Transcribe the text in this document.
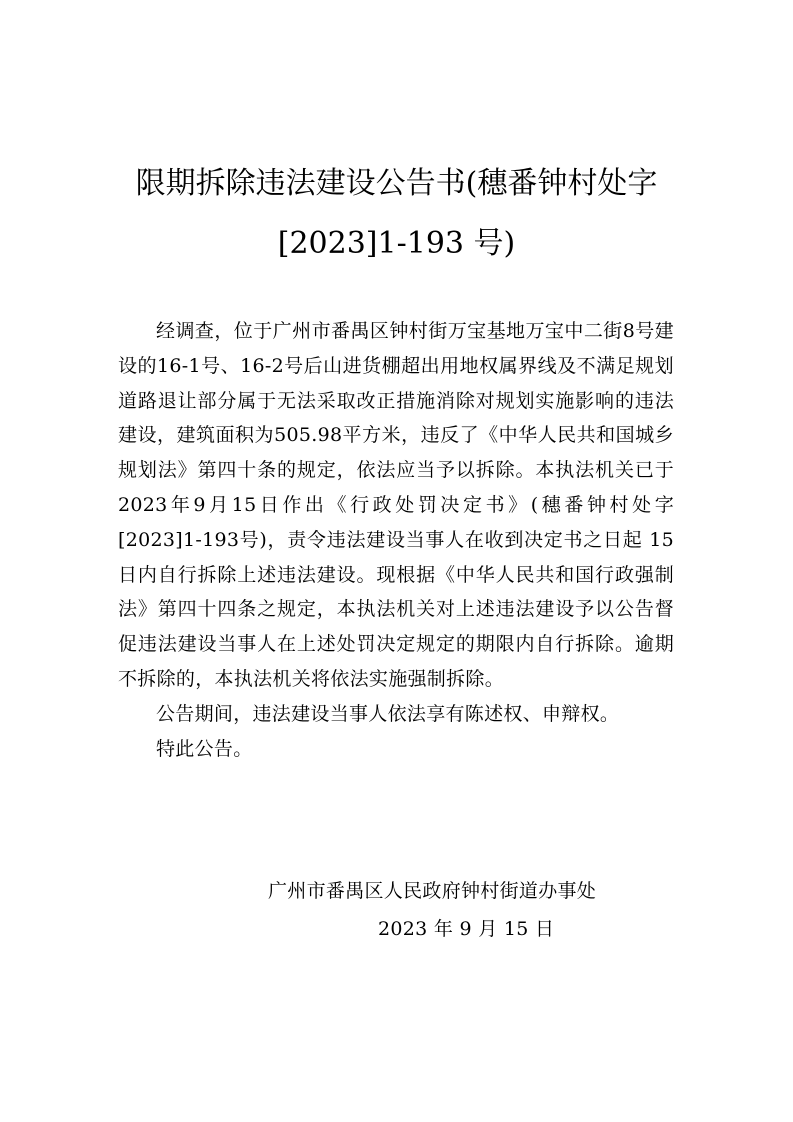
限期拆除违法建设公告书(穗番钟村处字
[2023]1-193 号)

经调查，位于广州市番禺区钟村街万宝基地万宝中二街8号建设的16-1号、16-2号后山进货棚超出用地权属界线及不满足规划道路退让部分属于无法采取改正措施消除对规划实施影响的违法建设，建筑面积为505.98平方米，违反了《中华人民共和国城乡规划法》第四十条的规定，依法应当予以拆除。本执法机关已于2023年9月15日作出《行政处罚决定书》(穗番钟村处字[2023]1-193号)，责令违法建设当事人在收到决定书之日起 15日内自行拆除上述违法建设。现根据《中华人民共和国行政强制法》第四十四条之规定，本执法机关对上述违法建设予以公告督促违法建设当事人在上述处罚决定规定的期限内自行拆除。逾期不拆除的，本执法机关将依法实施强制拆除。

公告期间，违法建设当事人依法享有陈述权、申辩权。

特此公告。

广州市番禺区人民政府钟村街道办事处
2023 年 9 月 15 日
